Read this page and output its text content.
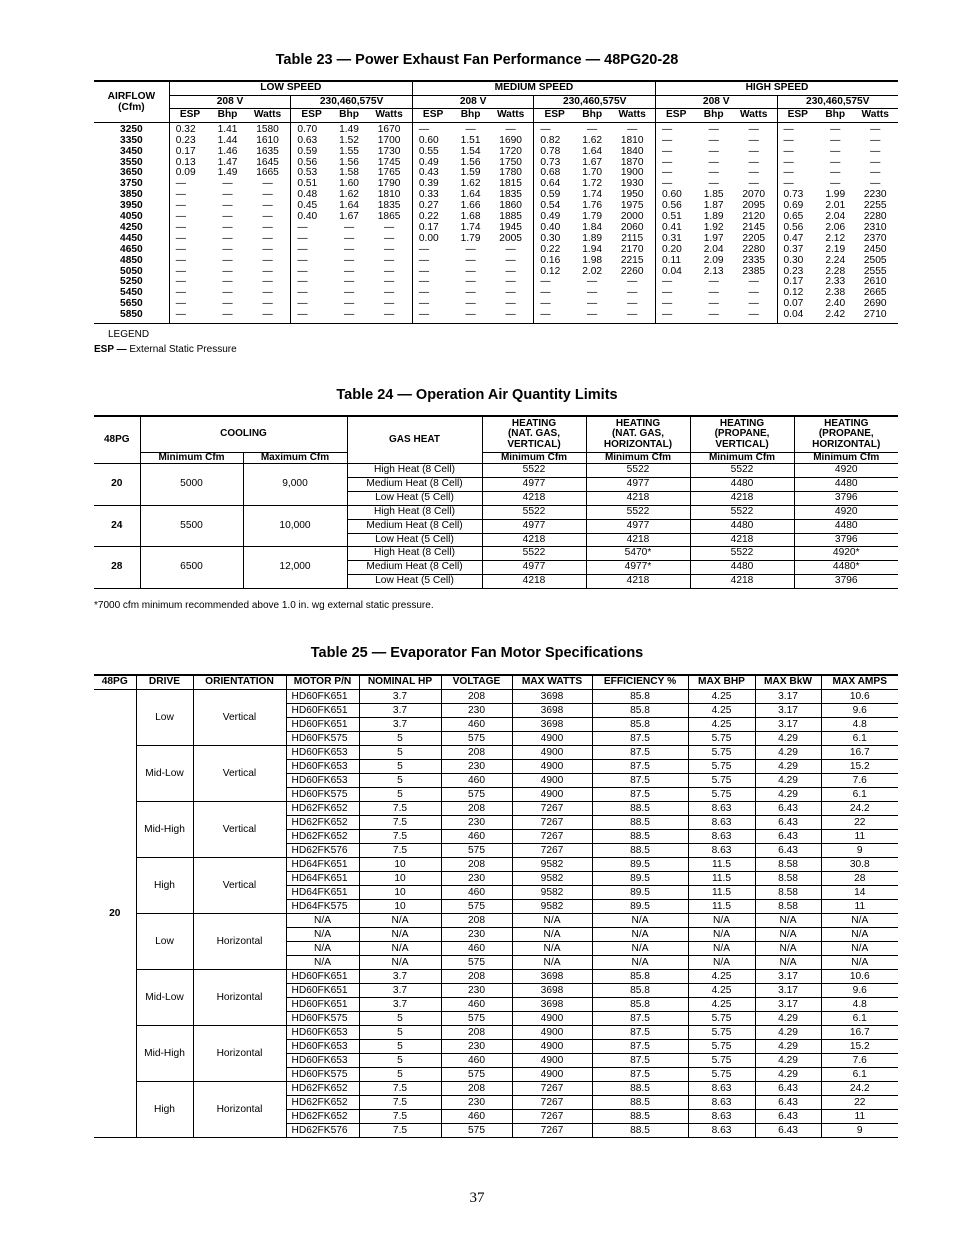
Table 23 — Power Exhaust Fan Performance — 48PG20-28
AIRFLOW
(Cfm)	LOW SPEED						MEDIUM SPEED						HIGH SPEED					
	208 V			230,460,575V			208 V			230,460,575V			208 V			230,460,575V		
	ESP	Bhp	Watts	ESP	Bhp	Watts	ESP	Bhp	Watts	ESP	Bhp	Watts	ESP	Bhp	Watts	ESP	Bhp	Watts
3250	0.32	1.41	1580	0.70	1.49	1670	—	—	—	—	—	—	—	—	—	—	—	—
3350	0.23	1.44	1610	0.63	1.52	1700	0.60	1.51	1690	0.82	1.62	1810	—	—	—	—	—	—
3450	0.17	1.46	1635	0.59	1.55	1730	0.55	1.54	1720	0.78	1.64	1840	—	—	—	—	—	—
3550	0.13	1.47	1645	0.56	1.56	1745	0.49	1.56	1750	0.73	1.67	1870	—	—	—	—	—	—
3650	0.09	1.49	1665	0.53	1.58	1765	0.43	1.59	1780	0.68	1.70	1900	—	—	—	—	—	—
3750	—	—	—	0.51	1.60	1790	0.39	1.62	1815	0.64	1.72	1930	—	—	—	—	—	—
3850	—	—	—	0.48	1.62	1810	0.33	1.64	1835	0.59	1.74	1950	0.60	1.85	2070	0.73	1.99	2230
3950	—	—	—	0.45	1.64	1835	0.27	1.66	1860	0.54	1.76	1975	0.56	1.87	2095	0.69	2.01	2255
4050	—	—	—	0.40	1.67	1865	0.22	1.68	1885	0.49	1.79	2000	0.51	1.89	2120	0.65	2.04	2280
4250	—	—	—	—	—	—	0.17	1.74	1945	0.40	1.84	2060	0.41	1.92	2145	0.56	2.06	2310
4450	—	—	—	—	—	—	0.00	1.79	2005	0.30	1.89	2115	0.31	1.97	2205	0.47	2.12	2370
4650	—	—	—	—	—	—	—	—	—	0.22	1.94	2170	0.20	2.04	2280	0.37	2.19	2450
4850	—	—	—	—	—	—	—	—	—	0.16	1.98	2215	0.11	2.09	2335	0.30	2.24	2505
5050	—	—	—	—	—	—	—	—	—	0.12	2.02	2260	0.04	2.13	2385	0.23	2.28	2555
5250	—	—	—	—	—	—	—	—	—	—	—	—	—	—	—	0.17	2.33	2610
5450	—	—	—	—	—	—	—	—	—	—	—	—	—	—	—	0.12	2.38	2665
5650	—	—	—	—	—	—	—	—	—	—	—	—	—	—	—	0.07	2.40	2690
5850	—	—	—	—	—	—	—	—	—	—	—	—	—	—	—	0.04	2.42	2710
LEGEND
ESP — External Static Pressure
Table 24 — Operation Air Quantity Limits
48PG	COOLING		GAS HEAT	HEATING
(NAT. GAS,
VERTICAL)	HEATING
(NAT. GAS,
HORIZONTAL)	HEATING
(PROPANE,
VERTICAL)	HEATING
(PROPANE,
HORIZONTAL)
	Minimum Cfm	Maximum Cfm		Minimum Cfm	Minimum Cfm	Minimum Cfm	Minimum Cfm
20	5000	9,000	High Heat (8 Cell)	5522	5522	5522	4920
			Medium Heat (8 Cell)	4977	4977	4480	4480
			Low Heat (5 Cell)	4218	4218	4218	3796
24	5500	10,000	High Heat (8 Cell)	5522	5522	5522	4920
			Medium Heat (8 Cell)	4977	4977	4480	4480
			Low Heat (5 Cell)	4218	4218	4218	3796
28	6500	12,000	High Heat (8 Cell)	5522	5470*	5522	4920*
			Medium Heat (8 Cell)	4977	4977*	4480	4480*
			Low Heat (5 Cell)	4218	4218	4218	3796
*7000 cfm minimum recommended above 1.0 in. wg external static pressure.
Table 25 — Evaporator Fan Motor Specifications
48PG	DRIVE	ORIENTATION	MOTOR P/N	NOMINAL HP	VOLTAGE	MAX WATTS	EFFICIENCY %	MAX BHP	MAX BkW	MAX AMPS
20	Low	Vertical	HD60FK651	3.7	208	3698	85.8	4.25	3.17	10.6
			HD60FK651	3.7	230	3698	85.8	4.25	3.17	9.6
			HD60FK651	3.7	460	3698	85.8	4.25	3.17	4.8
			HD60FK575	5	575	4900	87.5	5.75	4.29	6.1
	Mid-Low	Vertical	HD60FK653	5	208	4900	87.5	5.75	4.29	16.7
			HD60FK653	5	230	4900	87.5	5.75	4.29	15.2
			HD60FK653	5	460	4900	87.5	5.75	4.29	7.6
			HD60FK575	5	575	4900	87.5	5.75	4.29	6.1
	Mid-High	Vertical	HD62FK652	7.5	208	7267	88.5	8.63	6.43	24.2
			HD62FK652	7.5	230	7267	88.5	8.63	6.43	22
			HD62FK652	7.5	460	7267	88.5	8.63	6.43	11
			HD62FK576	7.5	575	7267	88.5	8.63	6.43	9
	High	Vertical	HD64FK651	10	208	9582	89.5	11.5	8.58	30.8
			HD64FK651	10	230	9582	89.5	11.5	8.58	28
			HD64FK651	10	460	9582	89.5	11.5	8.58	14
			HD64FK575	10	575	9582	89.5	11.5	8.58	11
	Low	Horizontal	N/A	N/A	208	N/A	N/A	N/A	N/A	N/A
			N/A	N/A	230	N/A	N/A	N/A	N/A	N/A
			N/A	N/A	460	N/A	N/A	N/A	N/A	N/A
			N/A	N/A	575	N/A	N/A	N/A	N/A	N/A
	Mid-Low	Horizontal	HD60FK651	3.7	208	3698	85.8	4.25	3.17	10.6
			HD60FK651	3.7	230	3698	85.8	4.25	3.17	9.6
			HD60FK651	3.7	460	3698	85.8	4.25	3.17	4.8
			HD60FK575	5	575	4900	87.5	5.75	4.29	6.1
	Mid-High	Horizontal	HD60FK653	5	208	4900	87.5	5.75	4.29	16.7
			HD60FK653	5	230	4900	87.5	5.75	4.29	15.2
			HD60FK653	5	460	4900	87.5	5.75	4.29	7.6
			HD60FK575	5	575	4900	87.5	5.75	4.29	6.1
	High	Horizontal	HD62FK652	7.5	208	7267	88.5	8.63	6.43	24.2
			HD62FK652	7.5	230	7267	88.5	8.63	6.43	22
			HD62FK652	7.5	460	7267	88.5	8.63	6.43	11
			HD62FK576	7.5	575	7267	88.5	8.63	6.43	9
37
